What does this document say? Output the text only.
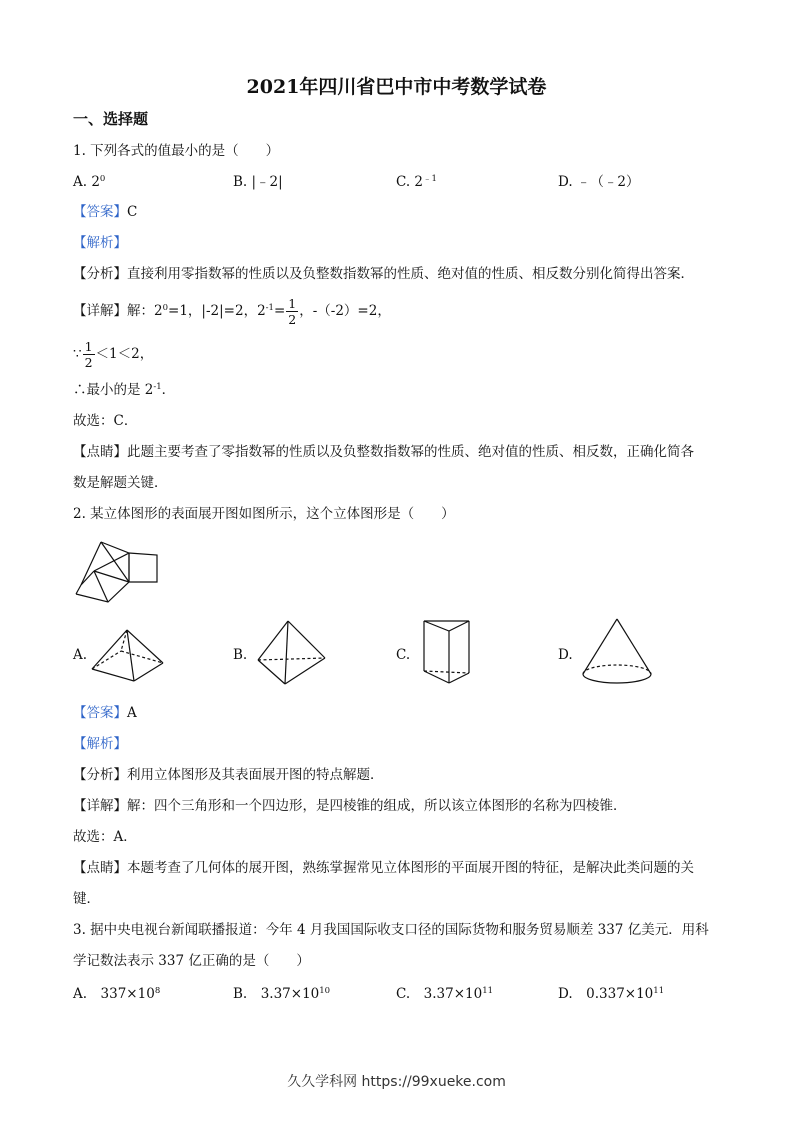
2021年四川省巴中市中考数学试卷
一、选择题
1. 下列各式的值最小的是（　　）
A. $2^0$	B. |﹣2|	C. $2^{﹣1}$	D. ﹣（﹣2）
【答案】C
【解析】
【分析】直接利用零指数幂的性质以及负整数指数幂的性质、绝对值的性质、相反数分别化简得出答案．
【详解】解：$2^0=1$，|-2|=2，$2^{-1}= \frac{1}{2}$ ，-（-2）=2，
∵ $\frac{1}{2} <1<2$，
∴最小的是 $2^{-1}$．
故选：C．
【点睛】此题主要考查了零指数幂的性质以及负整数指数幂的性质、绝对值的性质、相反数，正确化简各
数是解题关键．
2. 某立体图形的表面展开图如图所示，这个立体图形是（　　）
A.	B.	C.	D.
【答案】A
【解析】
【分析】利用立体图形及其表面展开图的特点解题．
【详解】解：四个三角形和一个四边形，是四棱锥的组成，所以该立体图形的名称为四棱锥．
故选：A．
【点睛】本题考查了几何体的展开图，熟练掌握常见立体图形的平面展开图的特征，是解决此类问题的关
键．
3. 据中央电视台新闻联播报道：今年 4 月我国国际收支口径的国际货物和服务贸易顺差 337 亿美元．用科
学记数法表示 337 亿正确的是（　　）
A.　$337\times 10^8$	B.　$3.37\times 10^{10}$	C.　$3.37\times 10^{11}$	D.　$0.337\times 10^{11}$
久久学科网 https://99xueke.com
